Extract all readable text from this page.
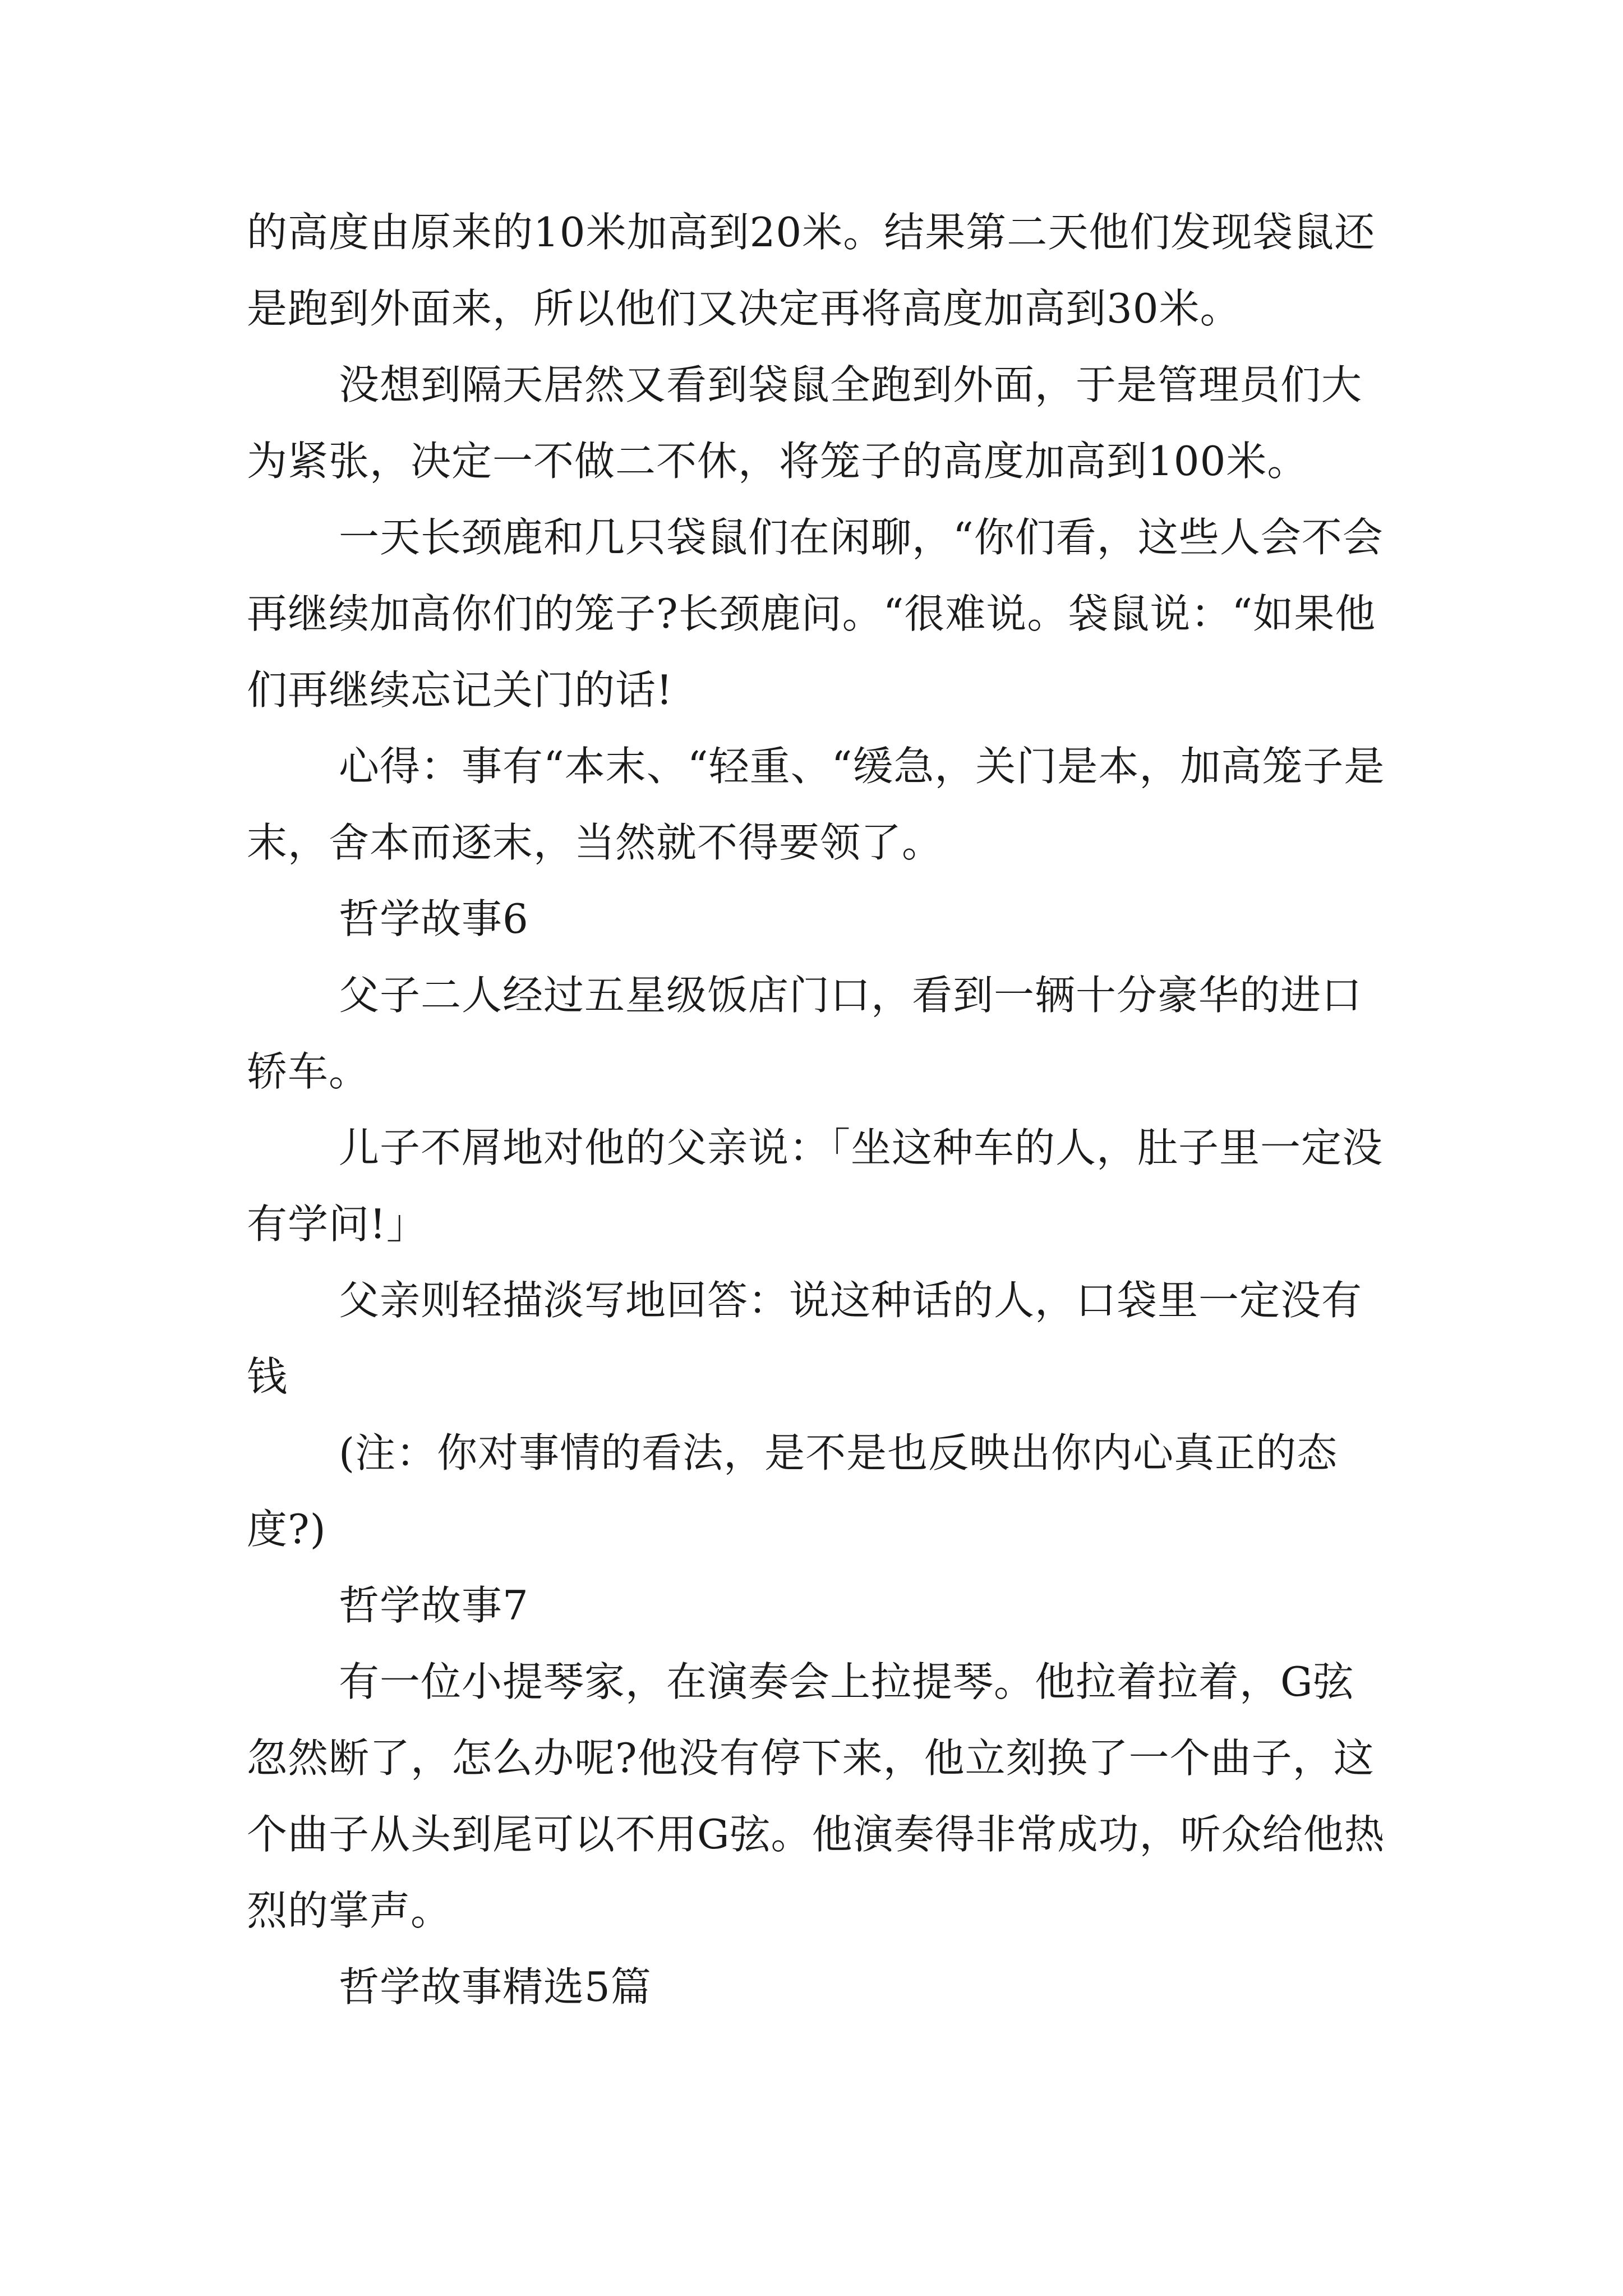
的高度由原来的10米加高到20米。结果第二天他们发现袋鼠还是跑到外面来，所以他们又决定再将高度加高到30米。

没想到隔天居然又看到袋鼠全跑到外面，于是管理员们大为紧张，决定一不做二不休，将笼子的高度加高到100米。

一天长颈鹿和几只袋鼠们在闲聊，“你们看，这些人会不会再继续加高你们的笼子?长颈鹿问。“很难说。袋鼠说：“如果他们再继续忘记关门的话!

心得：事有“本末、“轻重、“缓急，关门是本，加高笼子是末，舍本而逐末，当然就不得要领了。

哲学故事6

父子二人经过五星级饭店门口，看到一辆十分豪华的进口轿车。

儿子不屑地对他的父亲说：「坐这种车的人，肚子里一定没有学问!」

父亲则轻描淡写地回答：说这种话的人，口袋里一定没有钱

(注：你对事情的看法，是不是也反映出你内心真正的态度?)

哲学故事7

有一位小提琴家，在演奏会上拉提琴。他拉着拉着，G弦忽然断了，怎么办呢?他没有停下来，他立刻换了一个曲子，这个曲子从头到尾可以不用G弦。他演奏得非常成功，听众给他热烈的掌声。

哲学故事精选5篇
